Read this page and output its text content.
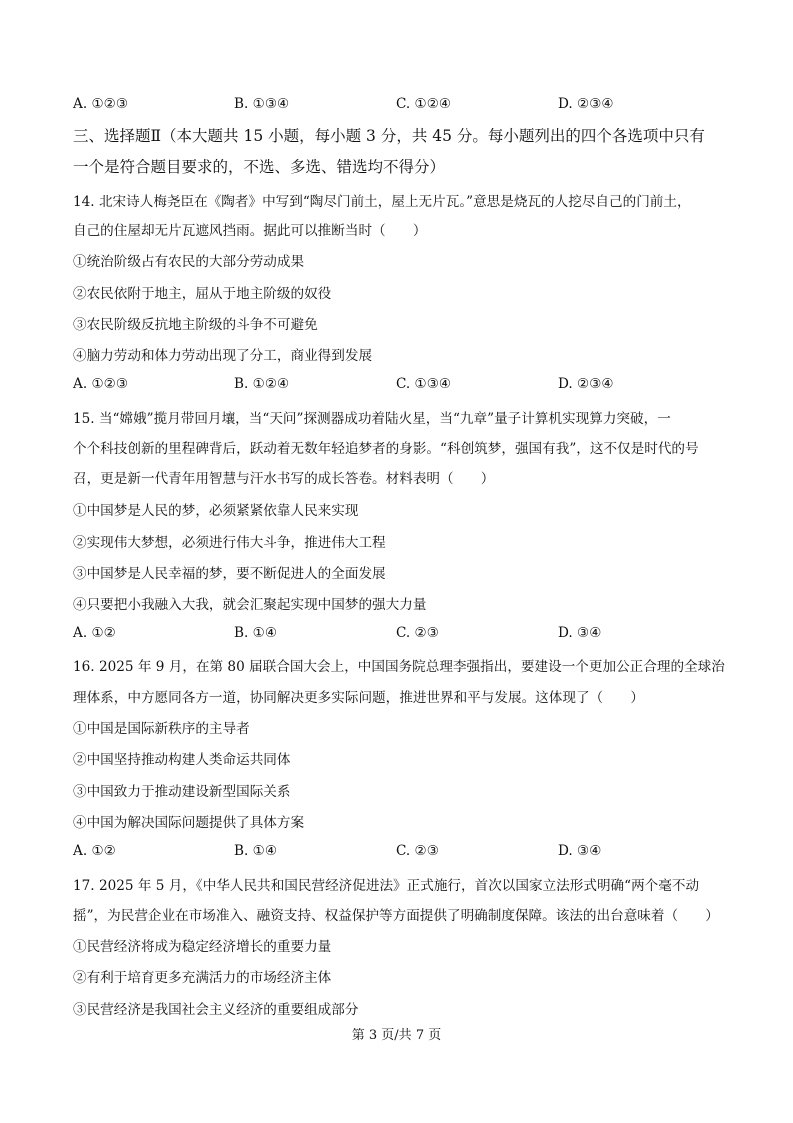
A. ①②③	B. ①③④	C. ①②④	D. ②③④
三、选择题Ⅱ（本大题共 15 小题，每小题 3 分，共 45 分。每小题列出的四个各选项中只有
一个是符合题目要求的，不选、多选、错选均不得分）
14. 北宋诗人梅尧臣在《陶者》中写到“陶尽门前土，屋上无片瓦。”意思是烧瓦的人挖尽自己的门前土，
自己的住屋却无片瓦遮风挡雨。据此可以推断当时（　　）
①统治阶级占有农民的大部分劳动成果
②农民依附于地主，屈从于地主阶级的奴役
③农民阶级反抗地主阶级的斗争不可避免
④脑力劳动和体力劳动出现了分工，商业得到发展
A. ①②③	B. ①②④	C. ①③④	D. ②③④
15. 当“嫦娥”揽月带回月壤，当“天问”探测器成功着陆火星，当“九章”量子计算机实现算力突破，一
个个科技创新的里程碑背后，跃动着无数年轻追梦者的身影。“科创筑梦，强国有我”，这不仅是时代的号
召，更是新一代青年用智慧与汗水书写的成长答卷。材料表明（　　）
①中国梦是人民的梦，必须紧紧依靠人民来实现
②实现伟大梦想，必须进行伟大斗争，推进伟大工程
③中国梦是人民幸福的梦，要不断促进人的全面发展
④只要把小我融入大我，就会汇聚起实现中国梦的强大力量
A. ①②	B. ①④	C. ②③	D. ③④
16. 2025 年 9 月，在第 80 届联合国大会上，中国国务院总理李强指出，要建设一个更加公正合理的全球治
理体系，中方愿同各方一道，协同解决更多实际问题，推进世界和平与发展。这体现了（　　）
①中国是国际新秩序的主导者
②中国坚持推动构建人类命运共同体
③中国致力于推动建设新型国际关系
④中国为解决国际问题提供了具体方案
A. ①②	B. ①④	C. ②③	D. ③④
17. 2025 年 5 月，《中华人民共和国民营经济促进法》正式施行，首次以国家立法形式明确“两个毫不动
摇”，为民营企业在市场准入、融资支持、权益保护等方面提供了明确制度保障。该法的出台意味着（　　）
①民营经济将成为稳定经济增长的重要力量
②有利于培育更多充满活力的市场经济主体
③民营经济是我国社会主义经济的重要组成部分
第 3 页/共 7 页
